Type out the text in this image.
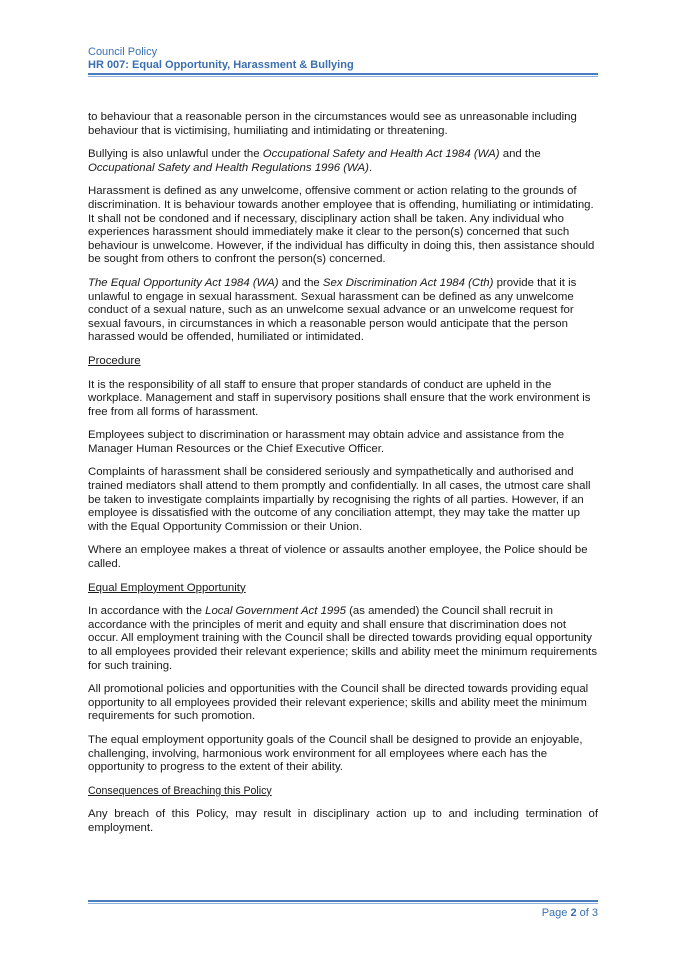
Council Policy
HR 007: Equal Opportunity, Harassment & Bullying

to behaviour that a reasonable person in the circumstances would see as unreasonable including behaviour that is victimising, humiliating and intimidating or threatening.

Bullying is also unlawful under the Occupational Safety and Health Act 1984 (WA) and the Occupational Safety and Health Regulations 1996 (WA).

Harassment is defined as any unwelcome, offensive comment or action relating to the grounds of discrimination. It is behaviour towards another employee that is offending, humiliating or intimidating. It shall not be condoned and if necessary, disciplinary action shall be taken. Any individual who experiences harassment should immediately make it clear to the person(s) concerned that such behaviour is unwelcome. However, if the individual has difficulty in doing this, then assistance should be sought from others to confront the person(s) concerned.

The Equal Opportunity Act 1984 (WA) and the Sex Discrimination Act 1984 (Cth) provide that it is unlawful to engage in sexual harassment. Sexual harassment can be defined as any unwelcome conduct of a sexual nature, such as an unwelcome sexual advance or an unwelcome request for sexual favours, in circumstances in which a reasonable person would anticipate that the person harassed would be offended, humiliated or intimidated.

Procedure

It is the responsibility of all staff to ensure that proper standards of conduct are upheld in the workplace. Management and staff in supervisory positions shall ensure that the work environment is free from all forms of harassment.

Employees subject to discrimination or harassment may obtain advice and assistance from the Manager Human Resources or the Chief Executive Officer.

Complaints of harassment shall be considered seriously and sympathetically and authorised and trained mediators shall attend to them promptly and confidentially. In all cases, the utmost care shall be taken to investigate complaints impartially by recognising the rights of all parties. However, if an employee is dissatisfied with the outcome of any conciliation attempt, they may take the matter up with the Equal Opportunity Commission or their Union.

Where an employee makes a threat of violence or assaults another employee, the Police should be called.

Equal Employment Opportunity

In accordance with the Local Government Act 1995 (as amended) the Council shall recruit in accordance with the principles of merit and equity and shall ensure that discrimination does not occur. All employment training with the Council shall be directed towards providing equal opportunity to all employees provided their relevant experience; skills and ability meet the minimum requirements for such training.

All promotional policies and opportunities with the Council shall be directed towards providing equal opportunity to all employees provided their relevant experience; skills and ability meet the minimum requirements for such promotion.

The equal employment opportunity goals of the Council shall be designed to provide an enjoyable, challenging, involving, harmonious work environment for all employees where each has the opportunity to progress to the extent of their ability.

Consequences of Breaching this Policy

Any breach of this Policy, may result in disciplinary action up to and including termination of employment.

Page 2 of 3
